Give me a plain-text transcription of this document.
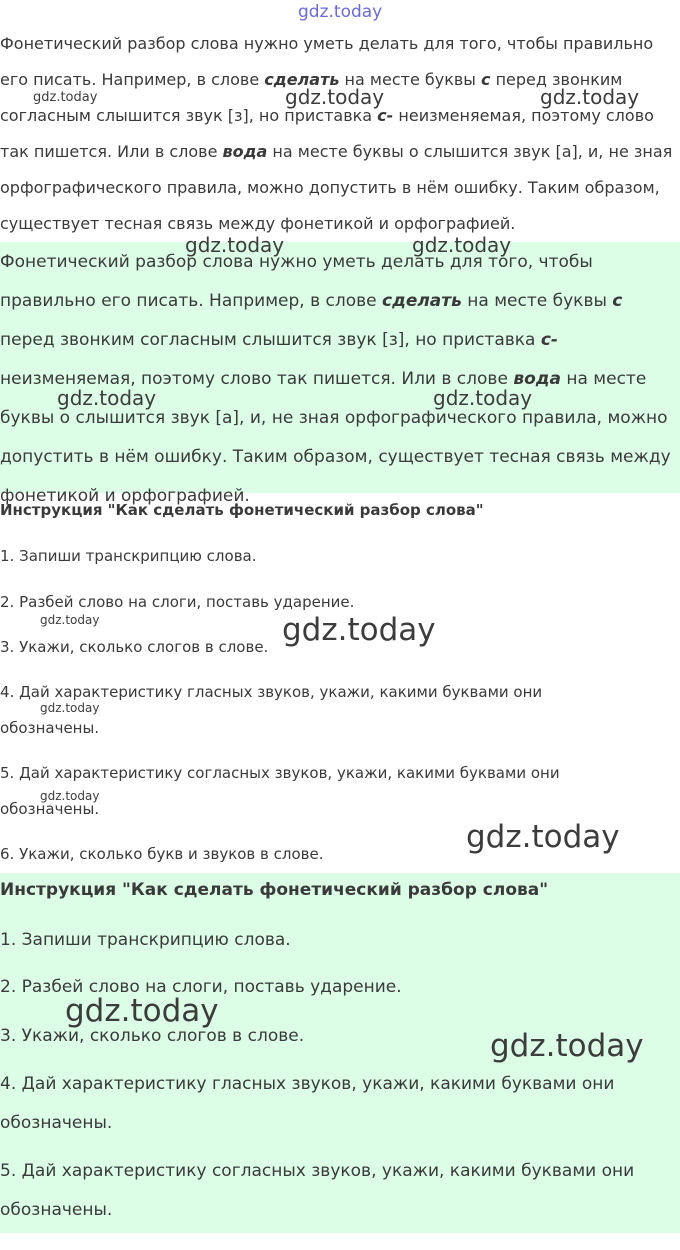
Фонетический разбор слова нужно уметь делать для того, чтобы правильно

его писать. Например, в слове сделать на месте буквы с перед звонким

согласным слышится звук [з], но приставка с- неизменяемая, поэтому слово

так пишется. Или в слове вода на месте буквы о слышится звук [а], и, не зная

орфографического правила, можно допустить в нём ошибку. Таким образом,

существует тесная связь между фонетикой и орфографией.

Фонетический разбор слова нужно уметь делать для того, чтобы

правильно его писать. Например, в слове сделать на месте буквы с

перед звонким согласным слышится звук [з], но приставка с-

неизменяемая, поэтому слово так пишется. Или в слове вода на месте

буквы о слышится звук [а], и, не зная орфографического правила, можно

допустить в нём ошибку. Таким образом, существует тесная связь между

фонетикой и орфографией.

Инструкция "Как сделать фонетический разбор слова"
1. Запиши транскрипцию слова.
2. Разбей слово на слоги, поставь ударение.
3. Укажи, сколько слогов в слове.
4. Дай характеристику гласных звуков, укажи, какими буквами они
обозначены.
5. Дай характеристику согласных звуков, укажи, какими буквами они
обозначены.
6. Укажи, сколько букв и звуков в слове.
Инструкция "Как сделать фонетический разбор слова"
1. Запиши транскрипцию слова.
2. Разбей слово на слоги, поставь ударение.
3. Укажи, сколько слогов в слове.
4. Дай характеристику гласных звуков, укажи, какими буквами они
обозначены.
5. Дай характеристику согласных звуков, укажи, какими буквами они
обозначены.
gdz.today
gdz.today	gdz.today	gdz.today
gdz.today	gdz.today
gdz.today	gdz.today
gdz.today	gdz.today
gdz.today
gdz.today
gdz.today
gdz.today
gdz.today
